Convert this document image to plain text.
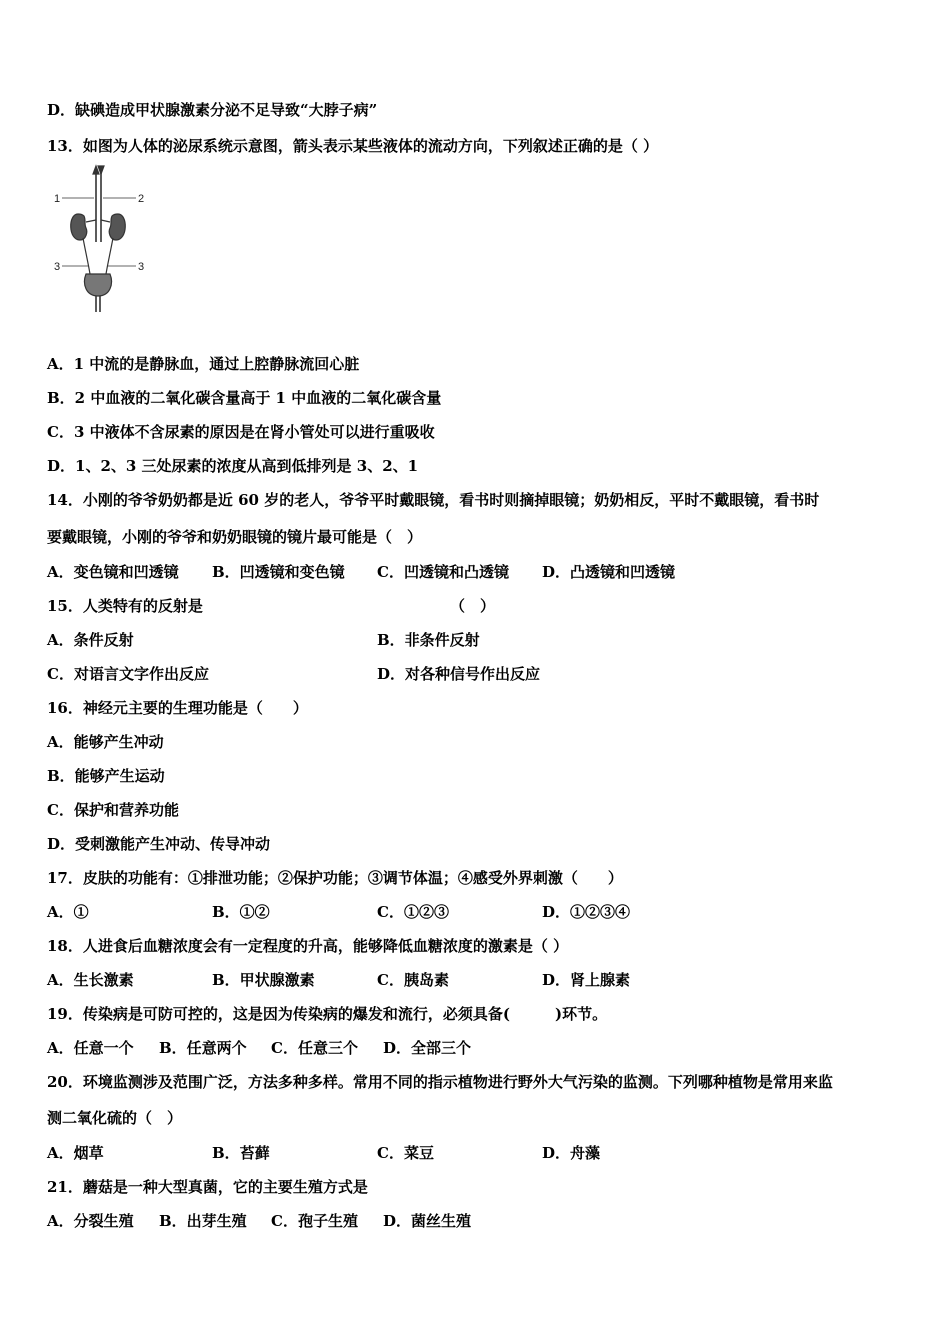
D．缺碘造成甲状腺激素分泌不足导致“大脖子病”
13．如图为人体的泌尿系统示意图，箭头表示某些液体的流动方向，下列叙述正确的是（ ）
1	2
3	3
A．1 中流的是静脉血，通过上腔静脉流回心脏
B．2 中血液的二氧化碳含量高于 1 中血液的二氧化碳含量
C．3 中液体不含尿素的原因是在肾小管处可以进行重吸收
D．1、2、3 三处尿素的浓度从高到低排列是 3、2、1
14．小刚的爷爷奶奶都是近 60 岁的老人，爷爷平时戴眼镜，看书时则摘掉眼镜；奶奶相反，平时不戴眼镜，看书时
要戴眼镜，小刚的爷爷和奶奶眼镜的镜片最可能是（　）
A．变色镜和凹透镜 B．凹透镜和变色镜 C．凹透镜和凸透镜 D．凸透镜和凹透镜
15．人类特有的反射是	（　）
A．条件反射	B．非条件反射
C．对语言文字作出反应	D．对各种信号作出反应
16．神经元主要的生理功能是（　　）
A．能够产生冲动
B．能够产生运动
C．保护和营养功能
D．受刺激能产生冲动、传导冲动
17．皮肤的功能有：①排泄功能；②保护功能；③调节体温；④感受外界刺激（　　）
A．①	B．①②	C．①②③	D．①②③④
18．人进食后血糖浓度会有一定程度的升高，能够降低血糖浓度的激素是（ ）
A．生长激素	B．甲状腺激素	C．胰岛素	D．肾上腺素
19．传染病是可防可控的，这是因为传染病的爆发和流行，必须具备(　　　)环节。
A．任意一个 B．任意两个 C．任意三个 D．全部三个
20．环境监测涉及范围广泛，方法多种多样。常用不同的指示植物进行野外大气污染的监测。下列哪种植物是常用来监
测二氧化硫的（　）
A．烟草	B．苔藓	C．菜豆	D．舟藻
21．蘑菇是一种大型真菌，它的主要生殖方式是
A．分裂生殖 B．出芽生殖 C．孢子生殖 D．菌丝生殖
